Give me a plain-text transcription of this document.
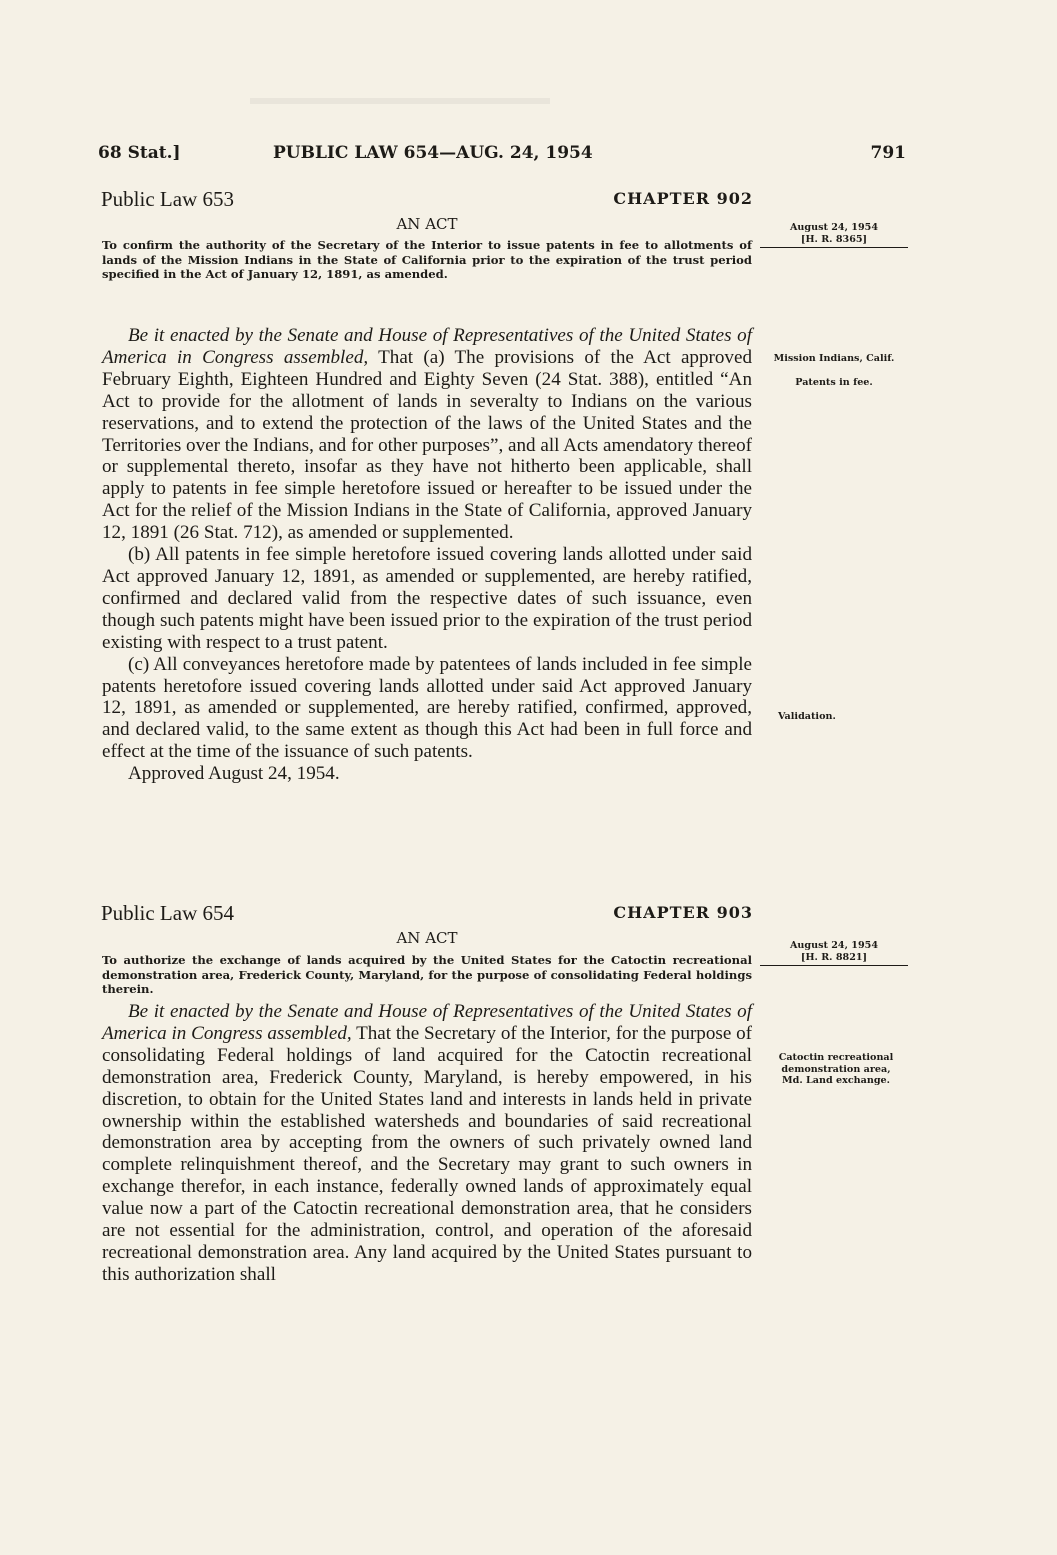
68 Stat.]	PUBLIC LAW 654—AUG. 24, 1954	791
Public Law 653	CHAPTER 902
AN ACT
To confirm the authority of the Secretary of the Interior to issue patents in fee to allotments of lands of the Mission Indians in the State of California prior to the expiration of the trust period specified in the Act of January 12, 1891, as amended.
August 24, 1954
[H. R. 8365]

Be it enacted by the Senate and House of Representatives of the United States of America in Congress assembled, That (a) The provisions of the Act approved February Eighth, Eighteen Hundred and Eighty Seven (24 Stat. 388), entitled “An Act to provide for the allotment of lands in severalty to Indians on the various reservations, and to extend the protection of the laws of the United States and the Territories over the Indians, and for other purposes”, and all Acts amendatory thereof or supplemental thereto, insofar as they have not hitherto been applicable, shall apply to patents in fee simple heretofore issued or hereafter to be issued under the Act for the relief of the Mission Indians in the State of California, approved January 12, 1891 (26 Stat. 712), as amended or supplemented.

(b) All patents in fee simple heretofore issued covering lands allotted under said Act approved January 12, 1891, as amended or supplemented, are hereby ratified, confirmed and declared valid from the respective dates of such issuance, even though such patents might have been issued prior to the expiration of the trust period existing with respect to a trust patent.

(c) All conveyances heretofore made by patentees of lands included in fee simple patents heretofore issued covering lands allotted under said Act approved January 12, 1891, as amended or supplemented, are hereby ratified, confirmed, approved, and declared valid, to the same extent as though this Act had been in full force and effect at the time of the issuance of such patents.

Approved August 24, 1954.

Mission Indians, Calif.
Patents in fee.
Validation.
Public Law 654	CHAPTER 903
AN ACT
To authorize the exchange of lands acquired by the United States for the Catoctin recreational demonstration area, Frederick County, Maryland, for the purpose of consolidating Federal holdings therein.
August 24, 1954
[H. R. 8821]

Be it enacted by the Senate and House of Representatives of the United States of America in Congress assembled, That the Secretary of the Interior, for the purpose of consolidating Federal holdings of land acquired for the Catoctin recreational demonstration area, Frederick County, Maryland, is hereby empowered, in his discretion, to obtain for the United States land and interests in lands held in private ownership within the established watersheds and boundaries of said recreational demonstration area by accepting from the owners of such privately owned land complete relinquishment thereof, and the Secretary may grant to such owners in exchange therefor, in each instance, federally owned lands of approximately equal value now a part of the Catoctin recreational demonstration area, that he considers are not essential for the administration, control, and operation of the aforesaid recreational demonstration area. Any land acquired by the United States pursuant to this authorization shall

Catoctin recreational demonstration area, Md. Land exchange.
